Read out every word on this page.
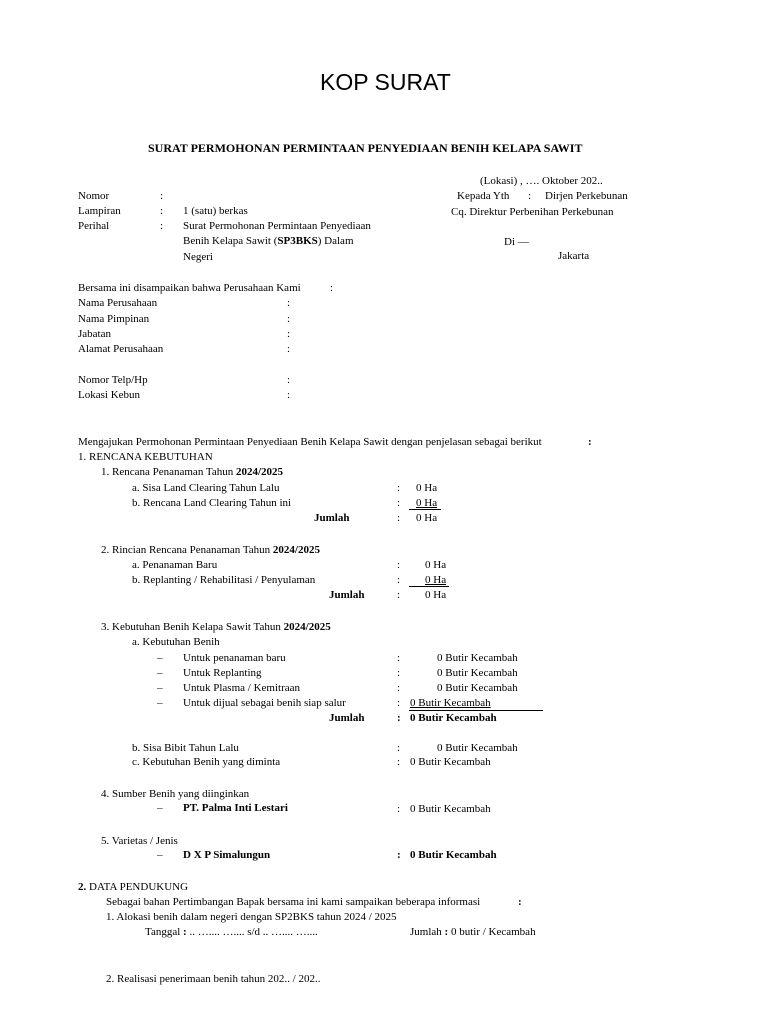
KOP SURAT
SURAT PERMOHONAN PERMINTAAN PENYEDIAAN BENIH KELAPA SAWIT
(Lokasi) , …. Oktober 202..
Kepada Yth : Dirjen Perkebunan
Cq. Direktur Perbenihan Perkebunan
Di —
Jakarta
Nomor	:
Lampiran	: 1 (satu) berkas
Perihal	: Surat Permohonan Permintaan Penyediaan
Benih Kelapa Sawit (SP3BKS) Dalam
Negeri
Bersama ini disampaikan bahwa Perusahaan Kami	:
Nama Perusahaan	:
Nama Pimpinan	:
Jabatan	:
Alamat Perusahaan	:
Nomor Telp/Hp	:
Lokasi Kebun	:
Mengajukan Permohonan Permintaan Penyediaan Benih Kelapa Sawit dengan penjelasan sebagai berikut	:
1. RENCANA KEBUTUHAN
1. Rencana Penanaman Tahun 2024/2025
a. Sisa Land Clearing Tahun Lalu	: 0 Ha
b. Rencana Land Clearing Tahun ini	: 0 Ha
Jumlah	: 0 Ha
2. Rincian Rencana Penanaman Tahun 2024/2025
a. Penanaman Baru	: 0 Ha
b. Replanting / Rehabilitasi / Penyulaman	: 0 Ha
Jumlah	: 0 Ha
3. Kebutuhan Benih Kelapa Sawit Tahun 2024/2025
a. Kebutuhan Benih
– Untuk penanaman baru	:	0 Butir Kecambah
– Untuk Replanting	:	0 Butir Kecambah
– Untuk Plasma / Kemitraan	:	0 Butir Kecambah
– Untuk dijual sebagai benih siap salur	: 0 Butir Kecambah
Jumlah	: 0 Butir Kecambah
b. Sisa Bibit Tahun Lalu	:	0 Butir Kecambah
c. Kebutuhan Benih yang diminta	: 0 Butir Kecambah
4. Sumber Benih yang diinginkan
– PT. Palma Inti Lestari	: 0 Butir Kecambah
5. Varietas / Jenis
– D X P Simalungun	: 0 Butir Kecambah
2. DATA PENDUKUNG
Sebagai bahan Pertimbangan Bapak bersama ini kami sampaikan beberapa informasi	:
1. Alokasi benih dalam negeri dengan SP2BKS tahun 2024 / 2025
Tanggal : .. ….... ….... s/d .. ….... …....	Jumlah : 0 butir / Kecambah
2. Realisasi penerimaan benih tahun 202.. / 202..
